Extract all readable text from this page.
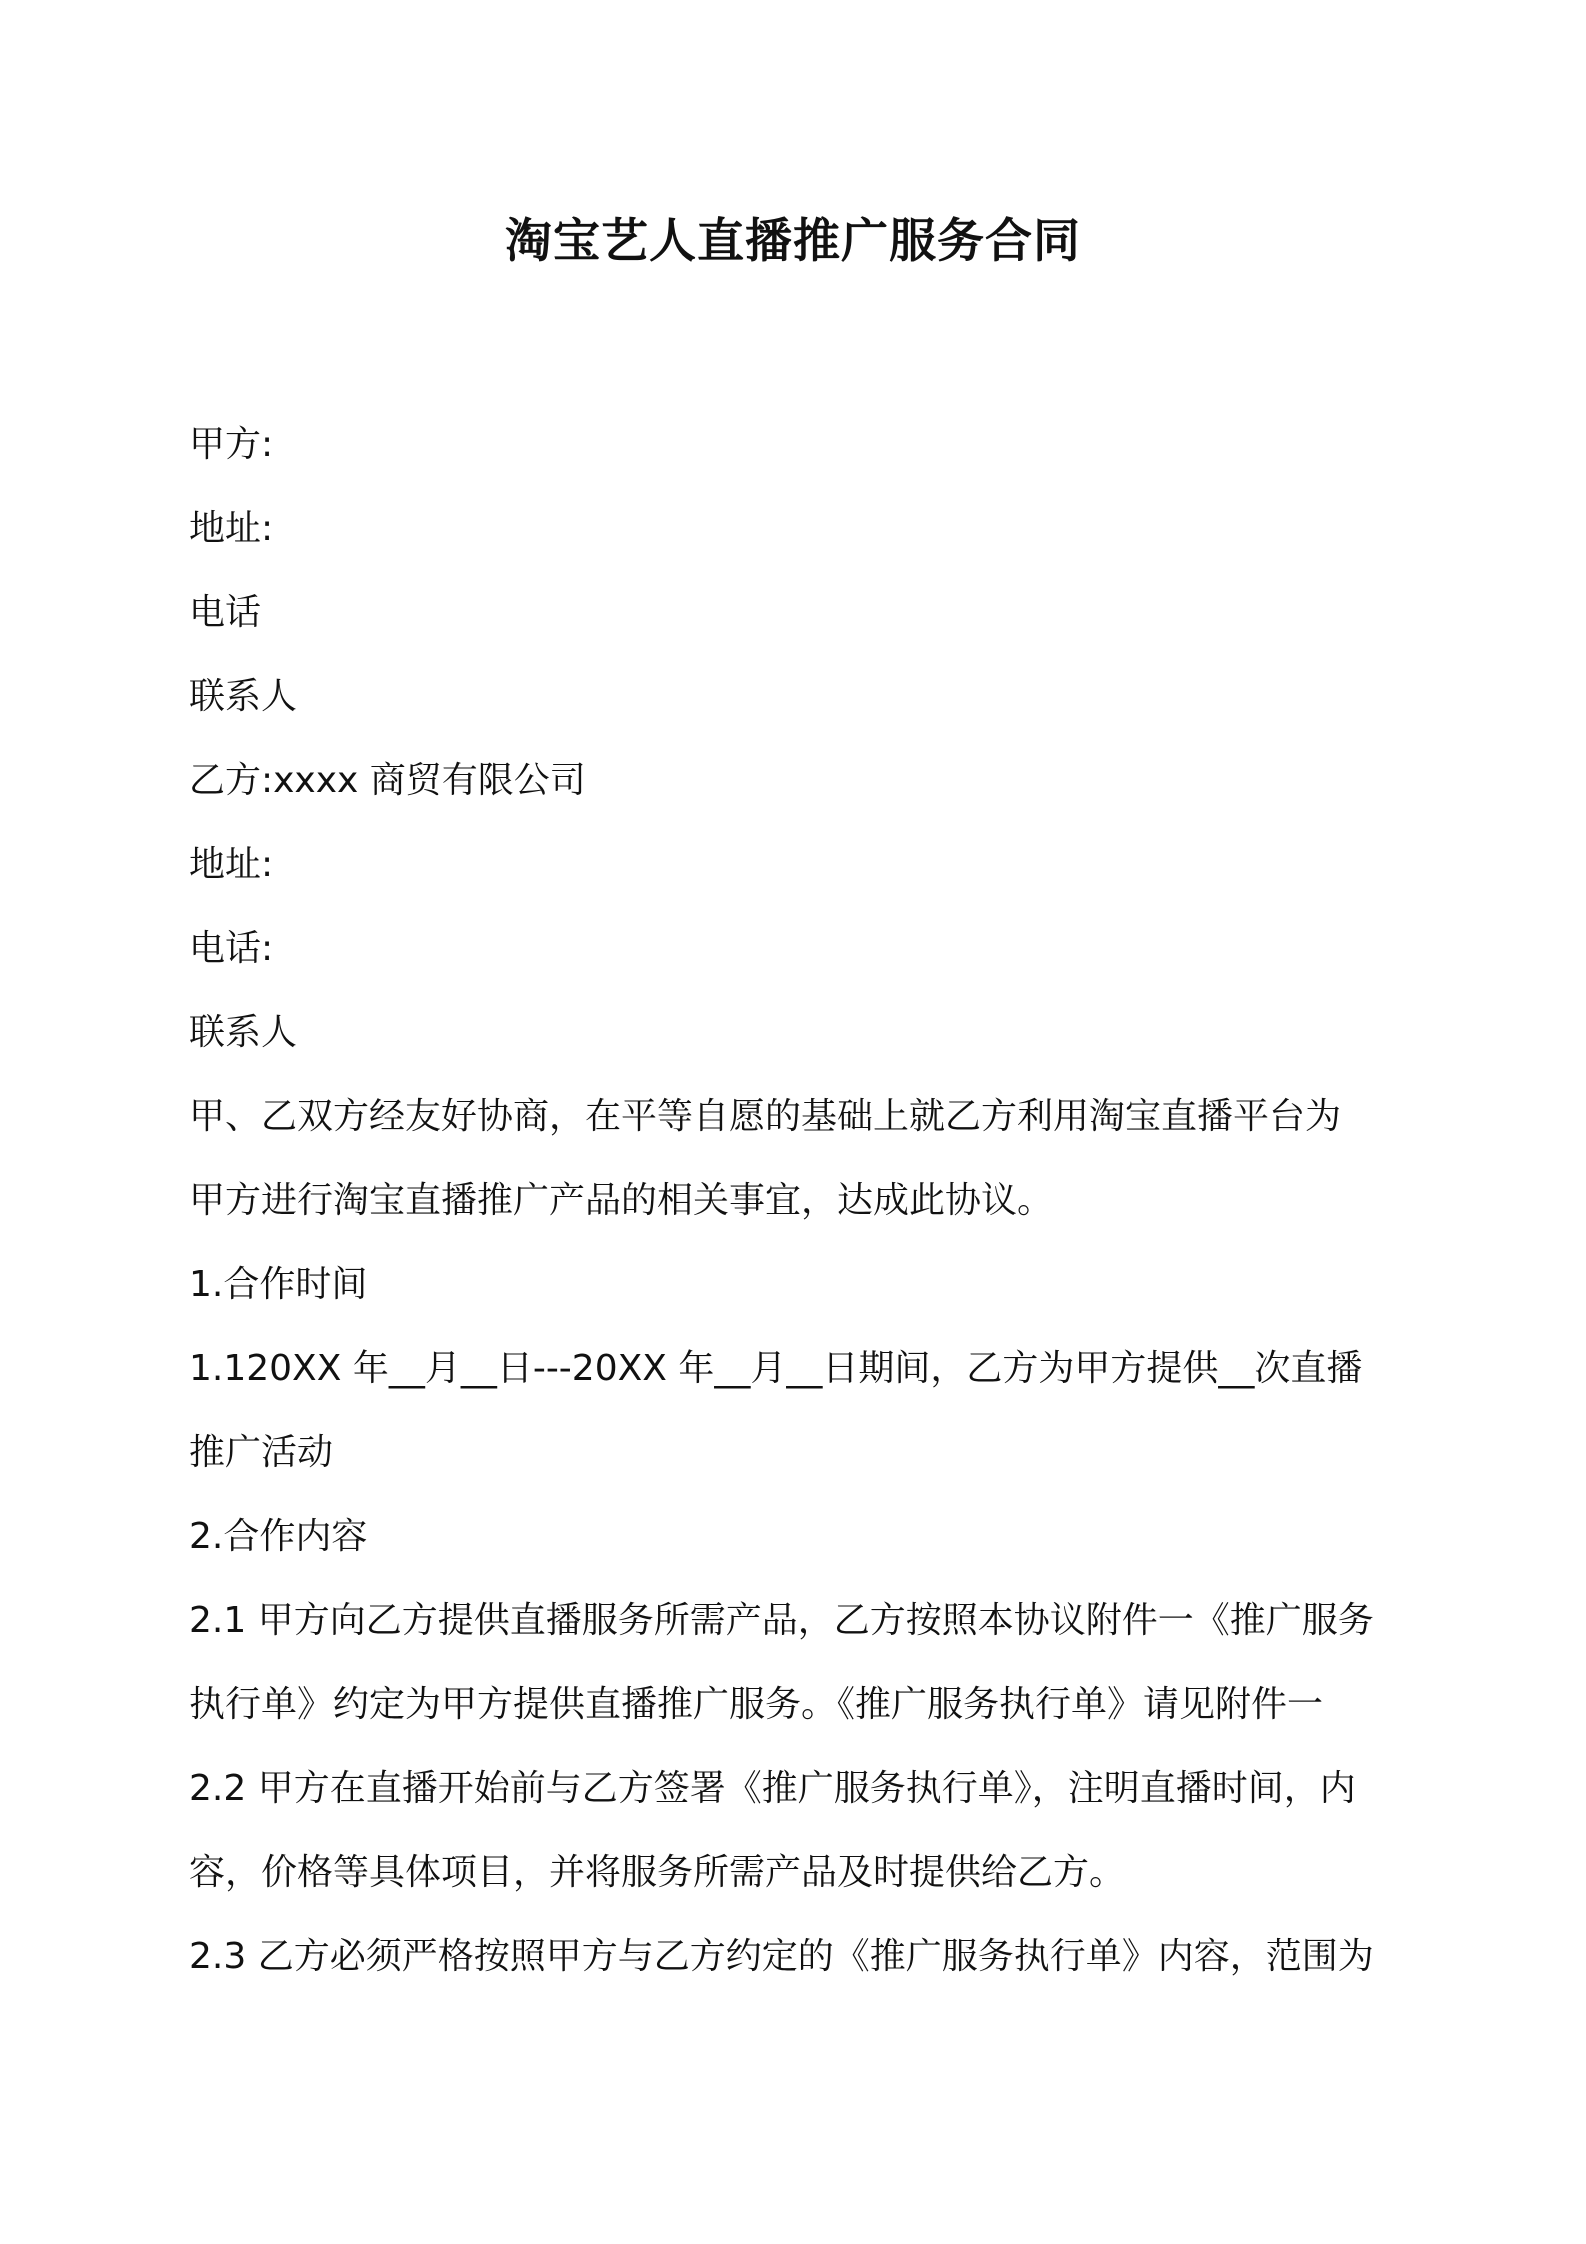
淘宝艺人直播推广服务合同
甲方:
地址:
电话
联系人
乙方:xxxx 商贸有限公司
地址:
电话:
联系人
甲、乙双方经友好协商，在平等自愿的基础上就乙方利用淘宝直播平台为
甲方进行淘宝直播推广产品的相关事宜，达成此协议。
1.合作时间
1.120XX 年__月__日---20XX 年__月__日期间，乙方为甲方提供__次直播
推广活动
2.合作内容
2.1 甲方向乙方提供直播服务所需产品，乙方按照本协议附件一《推广服务
执行单》约定为甲方提供直播推广服务。《推广服务执行单》请见附件一
2.2 甲方在直播开始前与乙方签署《推广服务执行单》，注明直播时间，内
容，价格等具体项目，并将服务所需产品及时提供给乙方。
2.3 乙方必须严格按照甲方与乙方约定的《推广服务执行单》内容，范围为
